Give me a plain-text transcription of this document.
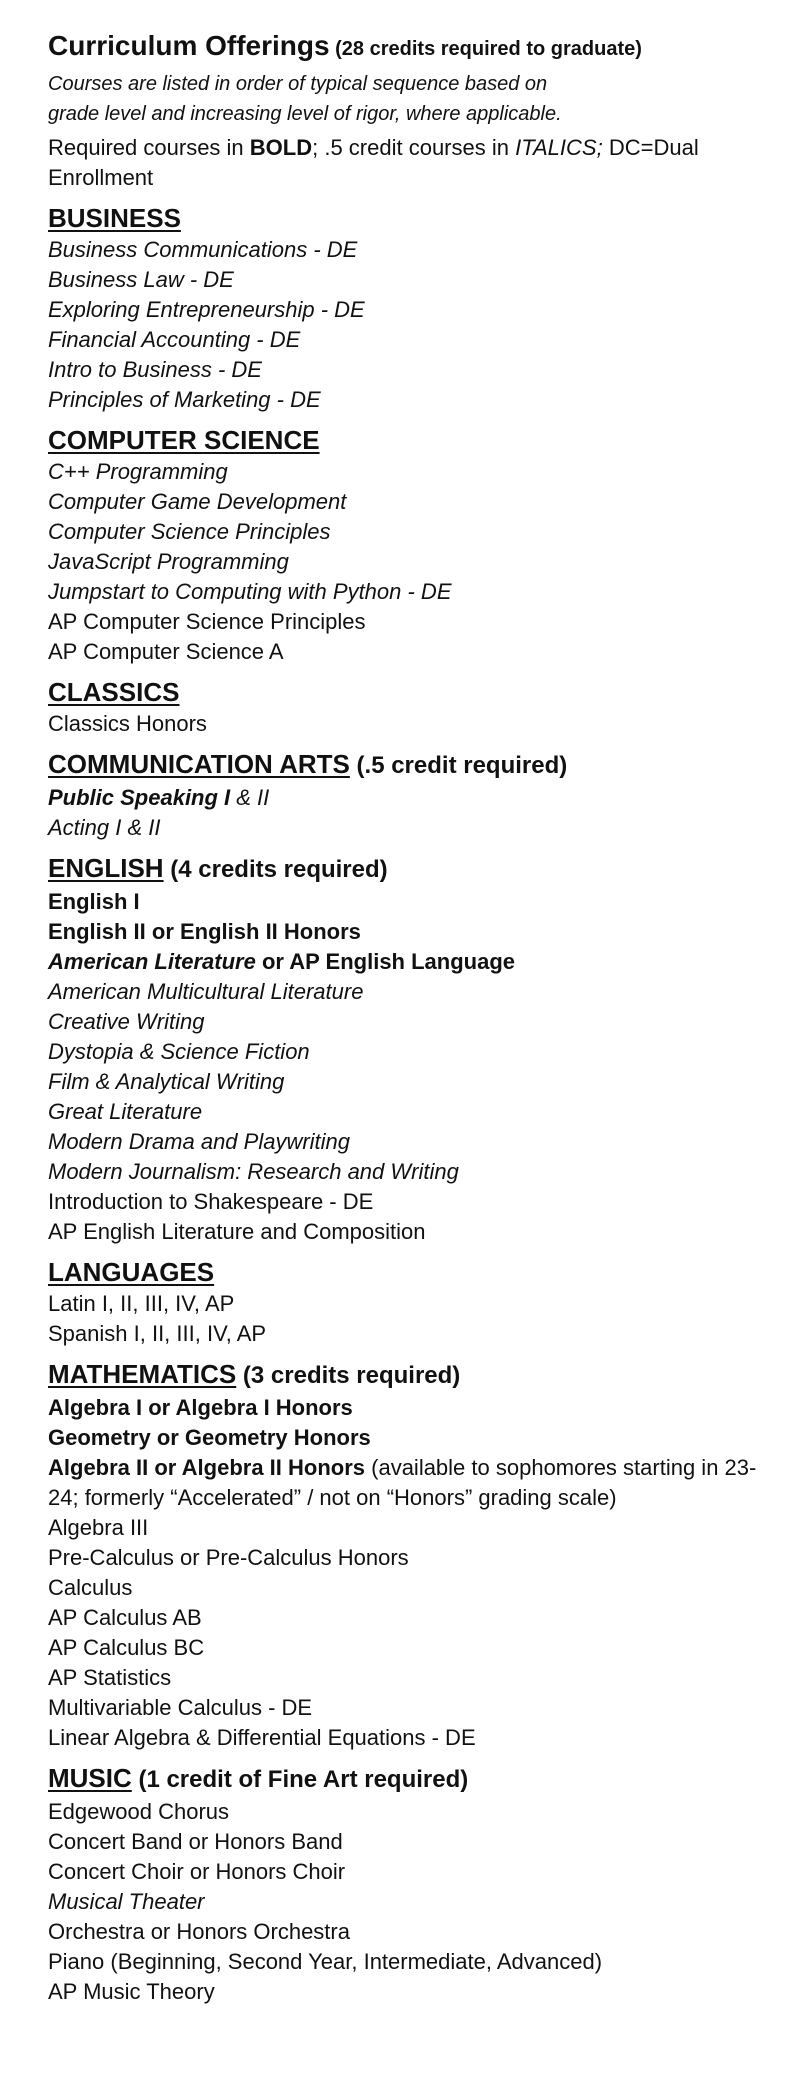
Curriculum Offerings (28 credits required to graduate)

Courses are listed in order of typical sequence based on
grade level and increasing level of rigor, where applicable.

Required courses in BOLD; .5 credit courses in ITALICS; DC=Dual Enrollment

BUSINESS

Business Communications - DE

Business Law - DE

Exploring Entrepreneurship - DE

Financial Accounting - DE

Intro to Business - DE

Principles of Marketing - DE

COMPUTER SCIENCE

C++ Programming

Computer Game Development

Computer Science Principles

JavaScript Programming

Jumpstart to Computing with Python - DE

AP Computer Science Principles

AP Computer Science A

CLASSICS

Classics Honors

COMMUNICATION ARTS (.5 credit required)

Public Speaking I & II

Acting I & II

ENGLISH (4 credits required)

English I

English II or English II Honors

American Literature or AP English Language

American Multicultural Literature

Creative Writing

Dystopia & Science Fiction

Film & Analytical Writing

Great Literature

Modern Drama and Playwriting

Modern Journalism: Research and Writing

Introduction to Shakespeare - DE

AP English Literature and Composition

LANGUAGES

Latin I, II, III, IV, AP

Spanish I, II, III, IV, AP

MATHEMATICS (3 credits required)

Algebra I or Algebra I Honors

Geometry or Geometry Honors

Algebra II or Algebra II Honors (available to sophomores starting in 23-24; formerly “Accelerated” / not on “Honors” grading scale)

Algebra III

Pre-Calculus or Pre-Calculus Honors

Calculus

AP Calculus AB

AP Calculus BC

AP Statistics

Multivariable Calculus - DE

Linear Algebra & Differential Equations - DE

MUSIC (1 credit of Fine Art required)

Edgewood Chorus

Concert Band or Honors Band

Concert Choir or Honors Choir

Musical Theater

Orchestra or Honors Orchestra

Piano (Beginning, Second Year, Intermediate, Advanced)

AP Music Theory
